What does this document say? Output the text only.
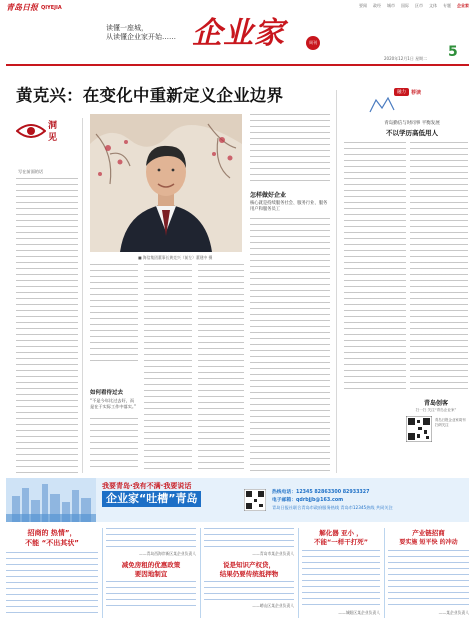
青岛日报 QIYEJIA	要闻 政经 城市 国际 区市 文体 专题 企业家
读懂一座城，
从读懂企业家开始…… 企业家	周刊
2020年12月1日 星期二 5
黄克兴：在变化中重新定义企业边界
洞
见
写在前面的话
■ 海信集团董事长黄克兴（前左）董建中 摄
怎样做好企业
核心就是持续服务社会、服务行业、服务用户和服务员工
如何看待过去
“不是今年比过去好，而是在于实际工作中落实。”
融力	荐读
青岛勤信与时同事 平衡发展
不以学历高低用人
青岛创客
扫一扫 关注“青岛企业家”
青岛日报企业家周刊 扫码关注
我要青岛·我有不满·我要说话
企业家“吐槽”青岛	热线电话：12345 82863300 82933327
电子邮箱：qdrbjjb@163.com
青岛日报社联合青岛市政府服务热线 青岛市12345热线 共同关注
招商的 热情”，
不能 “不出其状”
——青岛西海岸新区某企业负责人
减免房租的优惠政策
要因地制宜
——青岛市某企业负责人
说是知识产权贷，
结果仍要传统抵押物
——崂山区某企业负责人
解化器 亚小 ，
不能“一样干打死”
——城阳区某企业负责人
产业链招商
要实施 短平快 的冲动
——某企业负责人
